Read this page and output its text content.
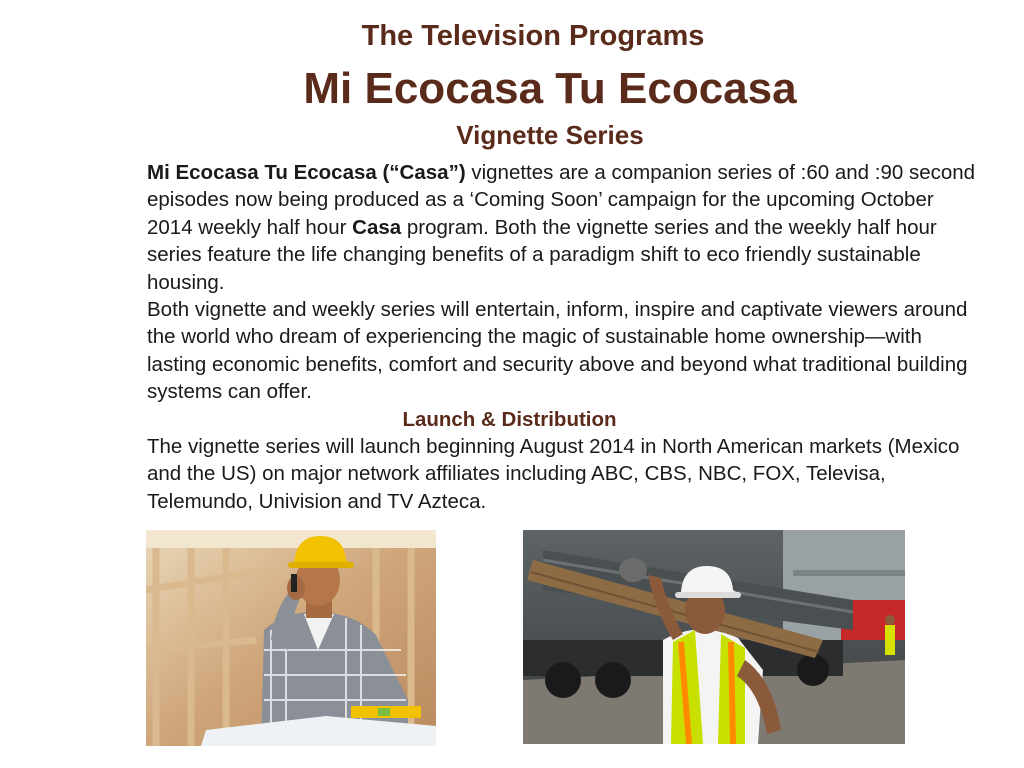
The Television Programs
Mi Ecocasa Tu Ecocasa
Vignette Series

Mi Ecocasa Tu Ecocasa (“Casa”) vignettes are a companion series of :60 and :90 second episodes now being produced as a ‘Coming Soon’ campaign for the upcoming October 2014 weekly half hour Casa program. Both the vignette series and the weekly half hour series feature the life changing benefits of a paradigm shift to eco friendly sustainable housing.

Both vignette and weekly series will entertain, inform, inspire and captivate viewers around the world who dream of experiencing the magic of sustainable home ownership—with lasting economic benefits, comfort and security above and beyond what traditional building systems can offer.

Launch & Distribution

The vignette series will launch beginning August 2014 in North American markets (Mexico and the US) on major network affiliates including ABC, CBS, NBC, FOX, Televisa, Telemundo, Univision and TV Azteca.
